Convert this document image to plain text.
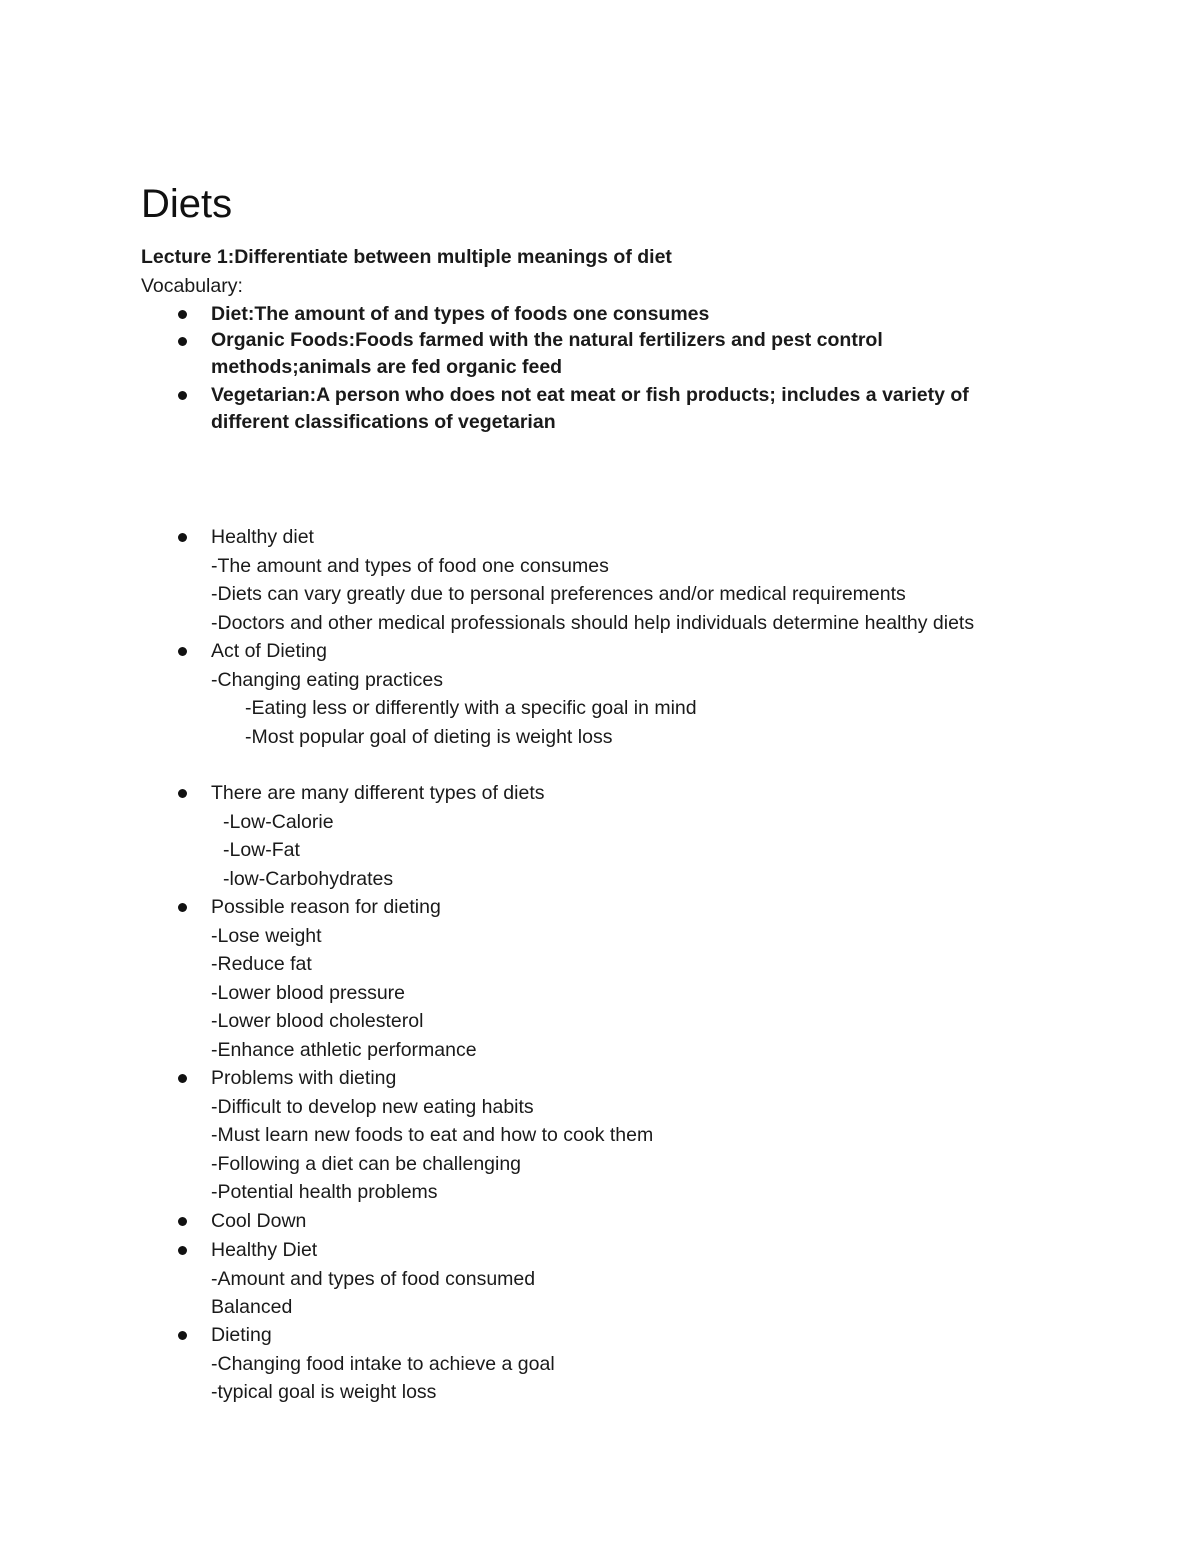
Diets

Lecture 1:Differentiate between multiple meanings of diet

Vocabulary:

Diet:The amount of and types of foods one consumes
Organic Foods:Foods farmed with the natural fertilizers and pest control
methods;animals are fed organic feed
Vegetarian:A person who does not eat meat or fish products; includes a variety of
different classifications of vegetarian
Healthy diet
-The amount and types of food one consumes
-Diets can vary greatly due to personal preferences and/or medical requirements
-Doctors and other medical professionals should help individuals determine healthy diets
Act of Dieting
-Changing eating practices
-Eating less or differently with a specific goal in mind
-Most popular goal of dieting is weight loss
There are many different types of diets
-Low-Calorie
-Low-Fat
-low-Carbohydrates
Possible reason for dieting
-Lose weight
-Reduce fat
-Lower blood pressure
-Lower blood cholesterol
-Enhance athletic performance
Problems with dieting
-Difficult to develop new eating habits
-Must learn new foods to eat and how to cook them
-Following a diet can be challenging
-Potential health problems
Cool Down
Healthy Diet
-Amount and types of food consumed
Balanced
Dieting
-Changing food intake to achieve a goal
-typical goal is weight loss
